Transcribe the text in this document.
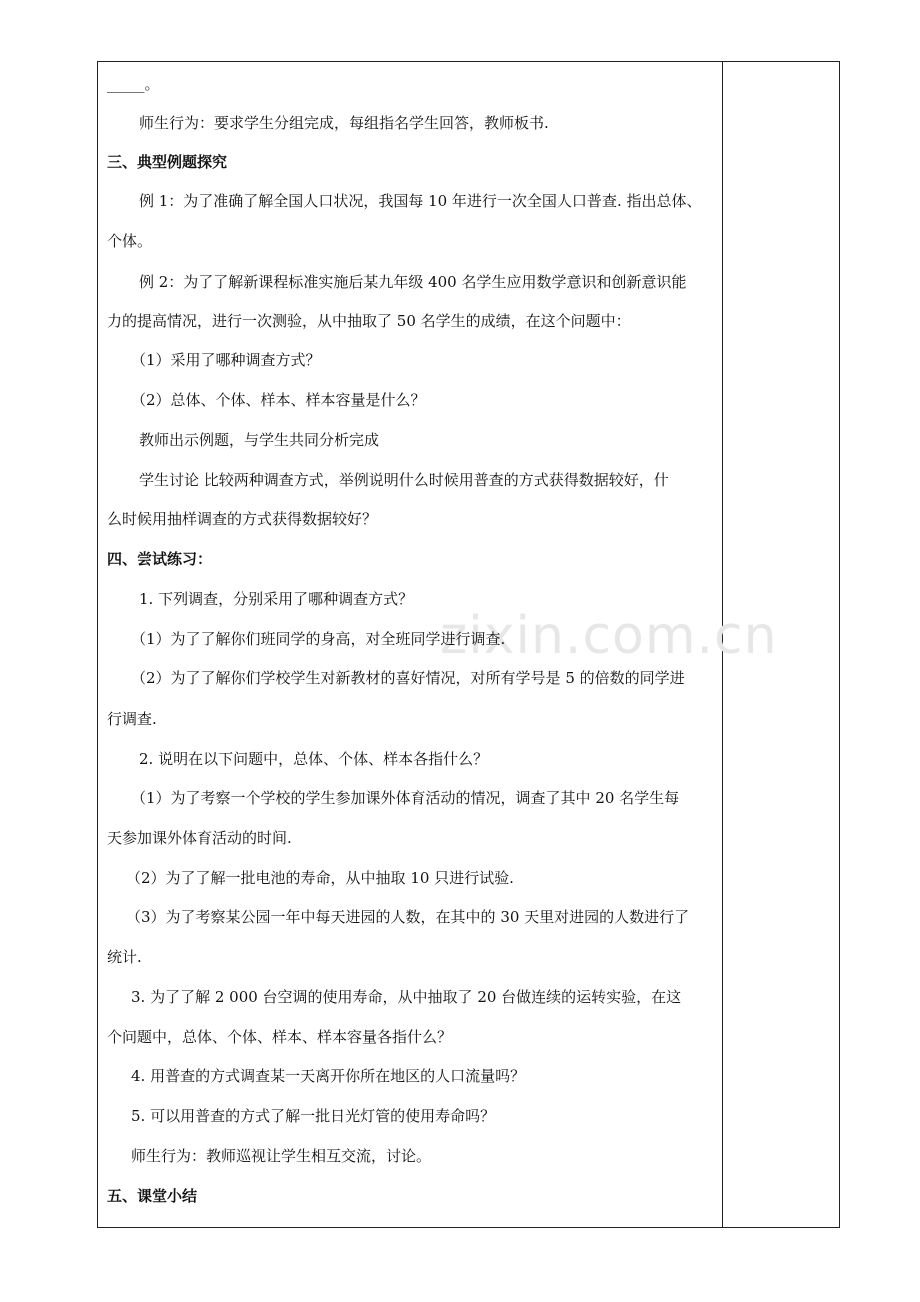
zixin.com.cn
_____。
师生行为：要求学生分组完成，每组指名学生回答，教师板书.
三、典型例题探究
例 1：为了准确了解全国人口状况，我国每 10 年进行一次全国人口普查. 指出总体、
个体。
例 2：为了了解新课程标准实施后某九年级 400 名学生应用数学意识和创新意识能
力的提高情况，进行一次测验，从中抽取了 50 名学生的成绩，在这个问题中：
（1）采用了哪种调查方式？
（2）总体、个体、样本、样本容量是什么？
教师出示例题，与学生共同分析完成
学生讨论 比较两种调查方式，举例说明什么时候用普查的方式获得数据较好，什
么时候用抽样调查的方式获得数据较好？
四、尝试练习：
1. 下列调查，分别采用了哪种调查方式？
（1）为了了解你们班同学的身高，对全班同学进行调查.
（2）为了了解你们学校学生对新教材的喜好情况，对所有学号是 5 的倍数的同学进
行调查.
2. 说明在以下问题中，总体、个体、样本各指什么？
（1）为了考察一个学校的学生参加课外体育活动的情况，调查了其中 20 名学生每
天参加课外体育活动的时间.
（2）为了了解一批电池的寿命，从中抽取 10 只进行试验.
（3）为了考察某公园一年中每天进园的人数，在其中的 30 天里对进园的人数进行了
统计.
3. 为了了解 2 000 台空调的使用寿命，从中抽取了 20 台做连续的运转实验，在这
个问题中，总体、个体、样本、样本容量各指什么？
4. 用普查的方式调查某一天离开你所在地区的人口流量吗？
5. 可以用普查的方式了解一批日光灯管的使用寿命吗？
师生行为：教师巡视让学生相互交流，讨论。
五、课堂小结
